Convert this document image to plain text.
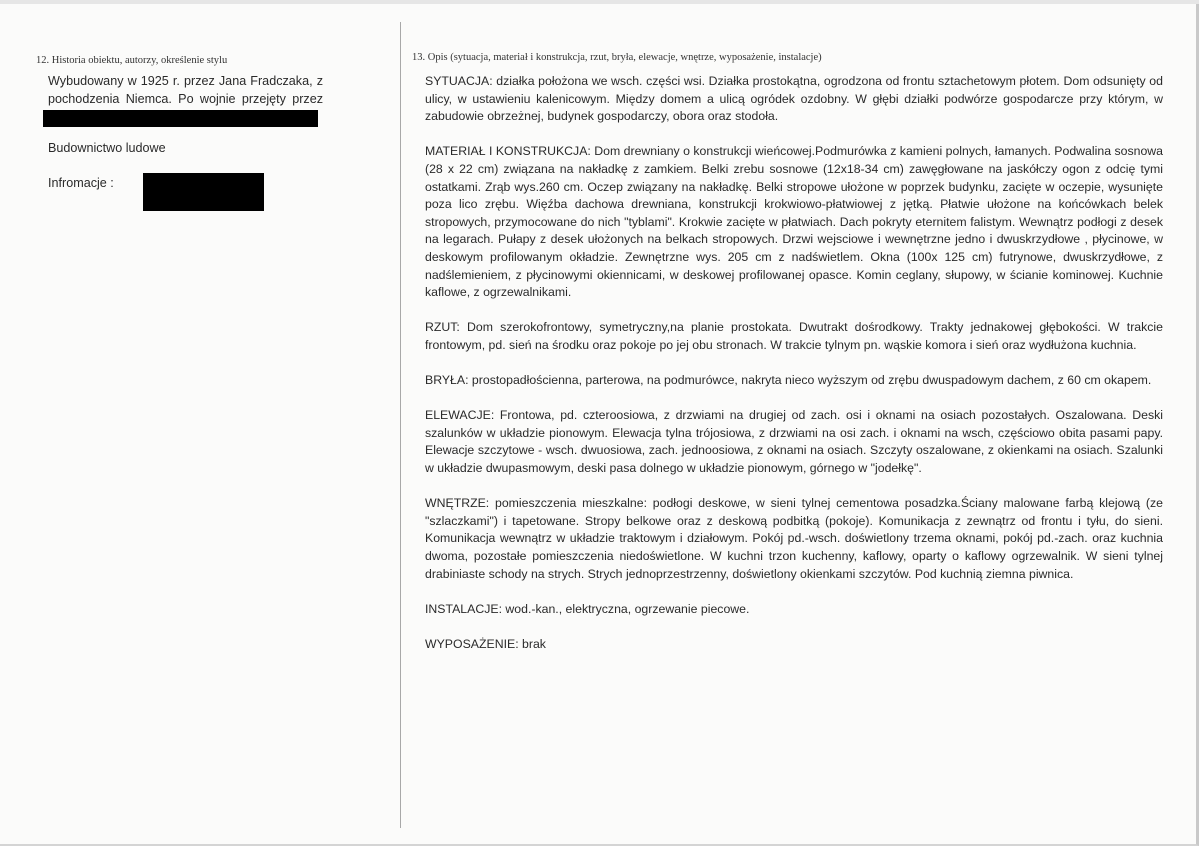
12. Historia obiektu, autorzy, określenie stylu
Wybudowany w 1925 r. przez Jana Fradczaka, z pochodzenia Niemca. Po wojnie przejęty przez
Budownictwo ludowe
Infromacje :
13. Opis (sytuacja, materiał i konstrukcja, rzut, bryła, elewacje, wnętrze, wyposażenie, instalacje)

SYTUACJA: działka położona we wsch. części wsi. Działka prostokątna, ogrodzona od frontu sztachetowym płotem. Dom odsunięty od ulicy, w ustawieniu kalenicowym. Między domem a ulicą ogródek ozdobny. W głębi działki podwórze gospodarcze przy którym, w zabudowie obrzeżnej, budynek gospodarczy, obora oraz stodoła.

MATERIAŁ I KONSTRUKCJA: Dom drewniany o konstrukcji wieńcowej.Podmurówka z kamieni polnych, łamanych. Podwalina sosnowa (28 x 22 cm) związana na nakładkę z zamkiem. Belki zrebu sosnowe (12x18-34 cm) zawęgłowane na jaskółczy ogon z odcię tymi ostatkami. Zrąb wys.260 cm. Oczep związany na nakładkę. Belki stropowe ułożone w poprzek budynku, zacięte w oczepie, wysunięte poza lico zrębu. Więźba dachowa drewniana, konstrukcji krokwiowo-płatwiowej z jętką. Płatwie ułożone na końcówkach belek stropowych, przymocowane do nich "tyblami". Krokwie zacięte w płatwiach. Dach pokryty eternitem falistym. Wewnątrz podłogi z desek na legarach. Pułapy z desek ułożonych na belkach stropowych. Drzwi wejsciowe i wewnętrzne jedno i dwuskrzydłowe , płycinowe, w deskowym profilowanym okładzie. Zewnętrzne wys. 205 cm z nadświetlem. Okna (100x 125 cm) futrynowe, dwuskrzydłowe, z nadślemieniem, z płycinowymi okiennicami, w deskowej profilowanej opasce. Komin ceglany, słupowy, w ścianie kominowej. Kuchnie kaflowe, z ogrzewalnikami.

RZUT: Dom szerokofrontowy, symetryczny,na planie prostokata. Dwutrakt dośrodkowy. Trakty jednakowej głębokości. W trakcie frontowym, pd. sień na środku oraz pokoje po jej obu stronach. W trakcie tylnym pn. wąskie komora i sień oraz wydłużona kuchnia.

BRYŁA: prostopadłościenna, parterowa, na podmurówce, nakryta nieco wyższym od zrębu dwuspadowym dachem, z 60 cm okapem.

ELEWACJE: Frontowa, pd. czteroosiowa, z drzwiami na drugiej od zach. osi i oknami na osiach pozostałych. Oszalowana. Deski szalunków w układzie pionowym. Elewacja tylna trójosiowa, z drzwiami na osi zach. i oknami na wsch, częściowo obita pasami papy. Elewacje szczytowe - wsch. dwuosiowa, zach. jednoosiowa, z oknami na osiach. Szczyty oszalowane, z okienkami na osiach. Szalunki w układzie dwupasmowym, deski pasa dolnego w układzie pionowym, górnego w "jodełkę".

WNĘTRZE: pomieszczenia mieszkalne: podłogi deskowe, w sieni tylnej cementowa posadzka.Ściany malowane farbą klejową (ze "szlaczkami") i tapetowane. Stropy belkowe oraz z deskową podbitką (pokoje). Komunikacja z zewnątrz od frontu i tyłu, do sieni. Komunikacja wewnątrz w układzie traktowym i działowym. Pokój pd.-wsch. doświetlony trzema oknami, pokój pd.-zach. oraz kuchnia dwoma, pozostałe pomieszczenia niedoświetlone. W kuchni trzon kuchenny, kaflowy, oparty o kaflowy ogrzewalnik. W sieni tylnej drabiniaste schody na strych. Strych jednoprzestrzenny, doświetlony okienkami szczytów. Pod kuchnią ziemna piwnica.

INSTALACJE: wod.-kan., elektryczna, ogrzewanie piecowe.

WYPOSAŻENIE: brak
